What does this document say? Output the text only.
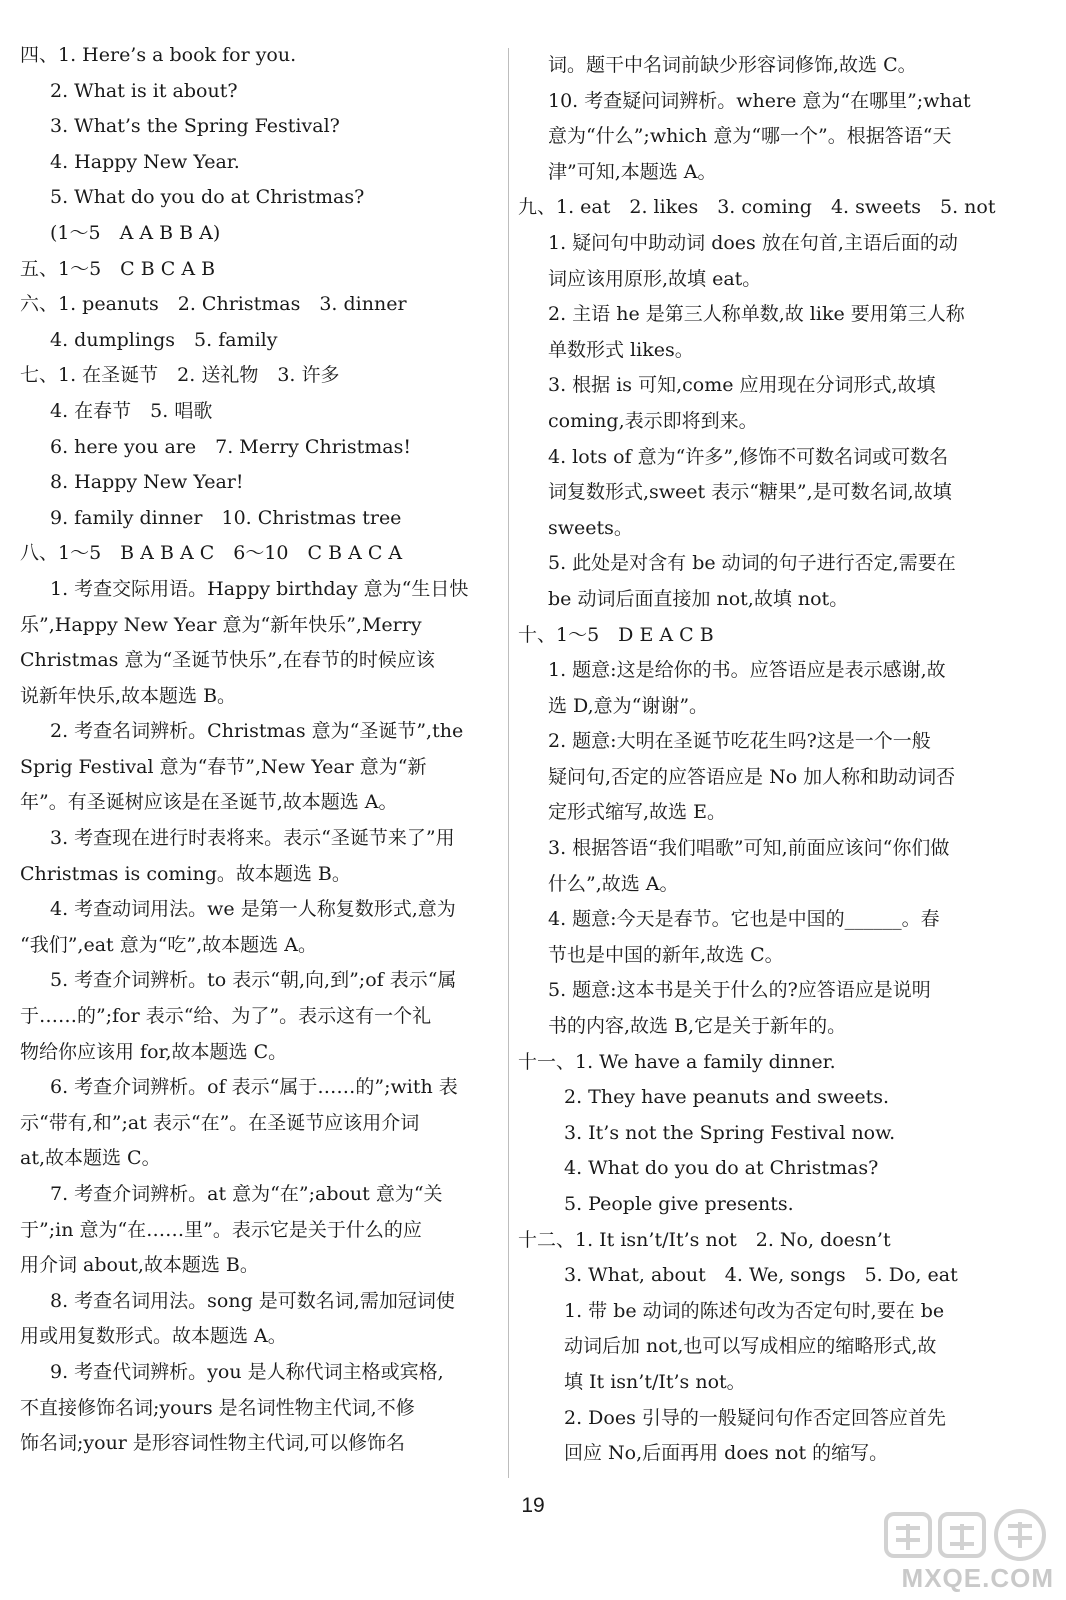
四、1. Here’s a book for you.
2. What is it about?
3. What’s the Spring Festival?
4. Happy New Year.
5. What do you do at Christmas?
(1～5　A A B B A)
五、1～5　C B C A B
六、1. peanuts　2. Christmas　3. dinner
4. dumplings　5. family
七、1. 在圣诞节　2. 送礼物　3. 许多
4. 在春节　5. 唱歌
6. here you are　7. Merry Christmas!
8. Happy New Year!
9. family dinner　10. Christmas tree
八、1～5　B A B A C　6～10　C B A C A
1. 考查交际用语。Happy birthday 意为“生日快
乐”,Happy New Year 意为“新年快乐”,Merry
Christmas 意为“圣诞节快乐”,在春节的时候应该
说新年快乐,故本题选 B。
2. 考查名词辨析。Christmas 意为“圣诞节”,the
Sprig Festival 意为“春节”,New Year 意为“新
年”。有圣诞树应该是在圣诞节,故本题选 A。
3. 考查现在进行时表将来。表示“圣诞节来了”用
Christmas is coming。故本题选 B。
4. 考查动词用法。we 是第一人称复数形式,意为
“我们”,eat 意为“吃”,故本题选 A。
5. 考查介词辨析。to 表示“朝,向,到”;of 表示“属
于……的”;for 表示“给、为了”。表示这有一个礼
物给你应该用 for,故本题选 C。
6. 考查介词辨析。of 表示“属于……的”;with 表
示“带有,和”;at 表示“在”。在圣诞节应该用介词
at,故本题选 C。
7. 考查介词辨析。at 意为“在”;about 意为“关
于”;in 意为“在……里”。表示它是关于什么的应
用介词 about,故本题选 B。
8. 考查名词用法。song 是可数名词,需加冠词使
用或用复数形式。故本题选 A。
9. 考查代词辨析。you 是人称代词主格或宾格,
不直接修饰名词;yours 是名词性物主代词,不修
饰名词;your 是形容词性物主代词,可以修饰名
词。题干中名词前缺少形容词修饰,故选 C。
10. 考查疑问词辨析。where 意为“在哪里”;what
意为“什么”;which 意为“哪一个”。根据答语“天
津”可知,本题选 A。
九、1. eat　2. likes　3. coming　4. sweets　5. not
1. 疑问句中助动词 does 放在句首,主语后面的动
词应该用原形,故填 eat。
2. 主语 he 是第三人称单数,故 like 要用第三人称
单数形式 likes。
3. 根据 is 可知,come 应用现在分词形式,故填
coming,表示即将到来。
4. lots of 意为“许多”,修饰不可数名词或可数名
词复数形式,sweet 表示“糖果”,是可数名词,故填
sweets。
5. 此处是对含有 be 动词的句子进行否定,需要在
be 动词后面直接加 not,故填 not。
十、1～5　D E A C B
1. 题意:这是给你的书。应答语应是表示感谢,故
选 D,意为“谢谢”。
2. 题意:大明在圣诞节吃花生吗?这是一个一般
疑问句,否定的应答语应是 No 加人称和助动词否
定形式缩写,故选 E。
3. 根据答语“我们唱歌”可知,前面应该问“你们做
什么”,故选 A。
4. 题意:今天是春节。它也是中国的______。春
节也是中国的新年,故选 C。
5. 题意:这本书是关于什么的?应答语应是说明
书的内容,故选 B,它是关于新年的。
十一、1. We have a family dinner.
2. They have peanuts and sweets.
3. It’s not the Spring Festival now.
4. What do you do at Christmas?
5. People give presents.
十二、1. It isn’t/It’s not　2. No, doesn’t
3. What, about　4. We, songs　5. Do, eat
1. 带 be 动词的陈述句改为否定句时,要在 be
动词后加 not,也可以写成相应的缩略形式,故
填 It isn’t/It’s not。
2. Does 引导的一般疑问句作否定回答应首先
回应 No,后面再用 does not 的缩写。
19
MXQE.COM
